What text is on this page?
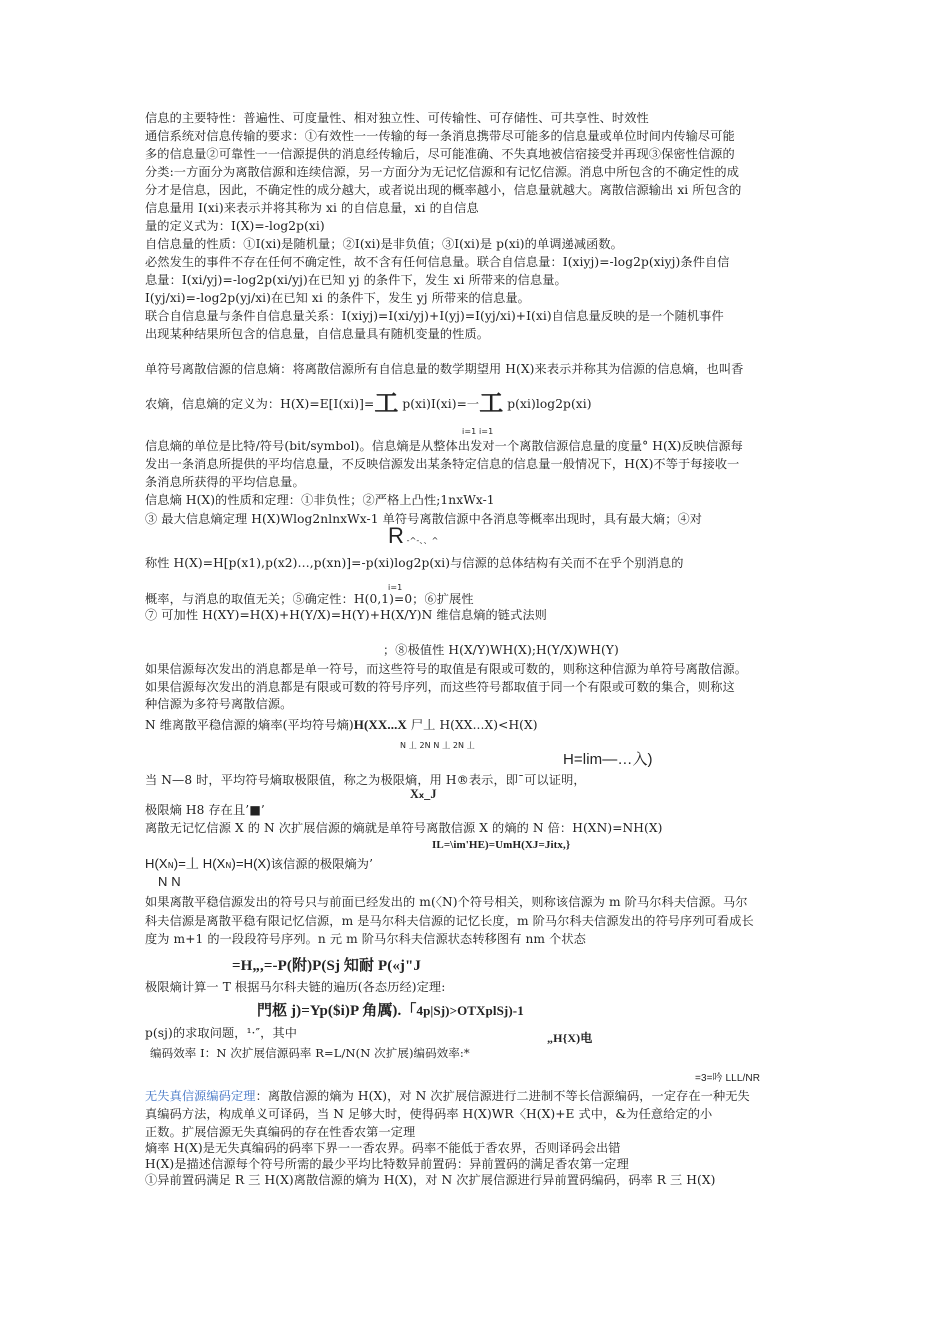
信息的主要特性：普遍性、可度量性、相对独立性、可传输性、可存储性、可共享性、时效性
通信系统对信息传输的要求：①有效性一一传输的每一条消息携带尽可能多的信息量或单位时间内传输尽可能
多的信息量②可靠性一一信源提供的消息经传输后，尽可能准确、不失真地被信宿接受并再现③保密性信源的
分类:一方面分为离散信源和连续信源，另一方面分为无记忆信源和有记忆信源。消息中所包含的不确定性的成
分才是信息，因此，不确定性的成分越大，或者说出现的概率越小，信息量就越大。离散信源输出 xi 所包含的
信息量用 I(xi)来表示并将其称为 xi 的自信息量，xi 的自信息
量的定义式为：I(X)=-log2p(xi)
自信息量的性质：①I(xi)是随机量；②I(xi)是非负值；③I(xi)是 p(xi)的单调递减函数。
必然发生的事件不存在任何不确定性，故不含有任何信息量。联合自信息量：I(xiyj)=-log2p(xiyj)条件自信
息量：I(xi/yj)=-log2p(xi/yj)在已知 yj 的条件下，发生 xi 所带来的信息量。
I(yj/xi)=-log2p(yj/xi)在已知 xi 的条件下，发生 yj 所带来的信息量。
联合自信息量与条件自信息量关系：I(xiyj)=I(xi/yj)+I(yj)=I(yj/xi)+I(xi)自信息量反映的是一个随机事件
出现某种结果所包含的信息量，自信息量具有随机变量的性质。
单符号离散信源的信息熵：将离散信源所有自信息量的数学期望用 H(X)来表示并称其为信源的信息熵，也叫香
农熵，信息熵的定义为：H(X)=E[I(xi)]=工 p(xi)I(xi)=一工 p(xi)log2p(xi)
i=1 i=1
信息熵的单位是比特/符号(bit/symbol)。信息熵是从整体出发对一个离散信源信息量的度量° H(X)反映信源每
发出一条消息所提供的平均信息量，不反映信源发出某条特定信息的信息量一般情况下，H(X)不等于每接收一
条消息所获得的平均信息量。
信息熵 H(X)的性质和定理：①非负性；②严格上凸性;1nxWx-1
③ 最大信息熵定理 H(X)Wlog2nlnxWx-1 单符号离散信源中各消息等概率出现时，具有最大熵；④对
R -^-、、^
称性 H(X)=H[p(x1),p(x2)…,p(xn)]=-p(xi)log2p(xi)与信源的总体结构有关而不在乎个别消息的
i=1
概率，与消息的取值无关；⑤确定性：H(0,1)=0；⑥扩展性
⑦ 可加性 H(XY)=H(X)+H(Y/X)=H(Y)+H(X/Y)N 维信息熵的链式法则
；⑧极值性 H(X/Y)WH(X);H(Y/X)WH(Y)
如果信源每次发出的消息都是单一符号，而这些符号的取值是有限或可数的，则称这种信源为单符号离散信源。
如果信源每次发出的消息都是有限或可数的符号序列，而这些符号都取值于同一个有限或可数的集合，则称这
种信源为多符号离散信源。
N 维离散平稳信源的熵率(平均符号熵)H(XX...X 尸丄 H(XX...X)<H(X)
N 丄 2N N 丄 2N 丄
H=lim—…入)
当 N—8 时，平均符号熵取极限值，称之为极限熵，用 H®表示，即¯可以证明，
Xx_J
极限熵 H8 存在且’■’
离散无记忆信源 X 的 N 次扩展信源的熵就是单符号离散信源 X 的熵的 N 倍：H(XN)=NH(X)
IL=\im'HE)=UmH(XJ=Jitx,}
H(XN)=丄 H(XN)=H(X)该信源的极限熵为’
N N
如果离散平稳信源发出的符号只与前面已经发出的 m(〈N)个符号相关，则称该信源为 m 阶马尔科夫信源。马尔
科夫信源是离散平稳有限记忆信源，m 是马尔科夫信源的记忆长度，m 阶马尔科夫信源发出的符号序列可看成长
度为 m+1 的一段段符号序列。n 元 m 阶马尔科夫信源状态转移图有 nm 个状态
=H„,=-P(附)P(Sj 知耐 P(«j"J
极限熵计算一 T 根据马尔科夫链的遍历(各态历经)定理:
門柩 j)=Yp($i)P 角厲).「4p|Sj)>OTXplSj)-1
p(sj)的求取问题，¹·″，其中	„H{X)电
编码效率 I：N 次扩展信源码率 R=L/N(N 次扩展)编码效率:*
=3=吟 LLL/NR
无失真信源编码定理：离散信源的熵为 H(X)，对 N 次扩展信源进行二进制不等长信源编码，一定存在一种无失
真编码方法，构成单义可译码，当 N 足够大时，使得码率 H(X)WR〈H(X)+E 式中，&为任意给定的小
正数。扩展信源无失真编码的存在性香农第一定理
熵率 H(X)是无失真编码的码率下界一一香农界。码率不能低于香农界，否则译码会出错
H(X)是描述信源每个符号所需的最少平均比特数异前置码：异前置码的满足香农第一定理
①异前置码满足 R 三 H(X)离散信源的熵为 H(X)，对 N 次扩展信源进行异前置码编码，码率 R 三 H(X)
